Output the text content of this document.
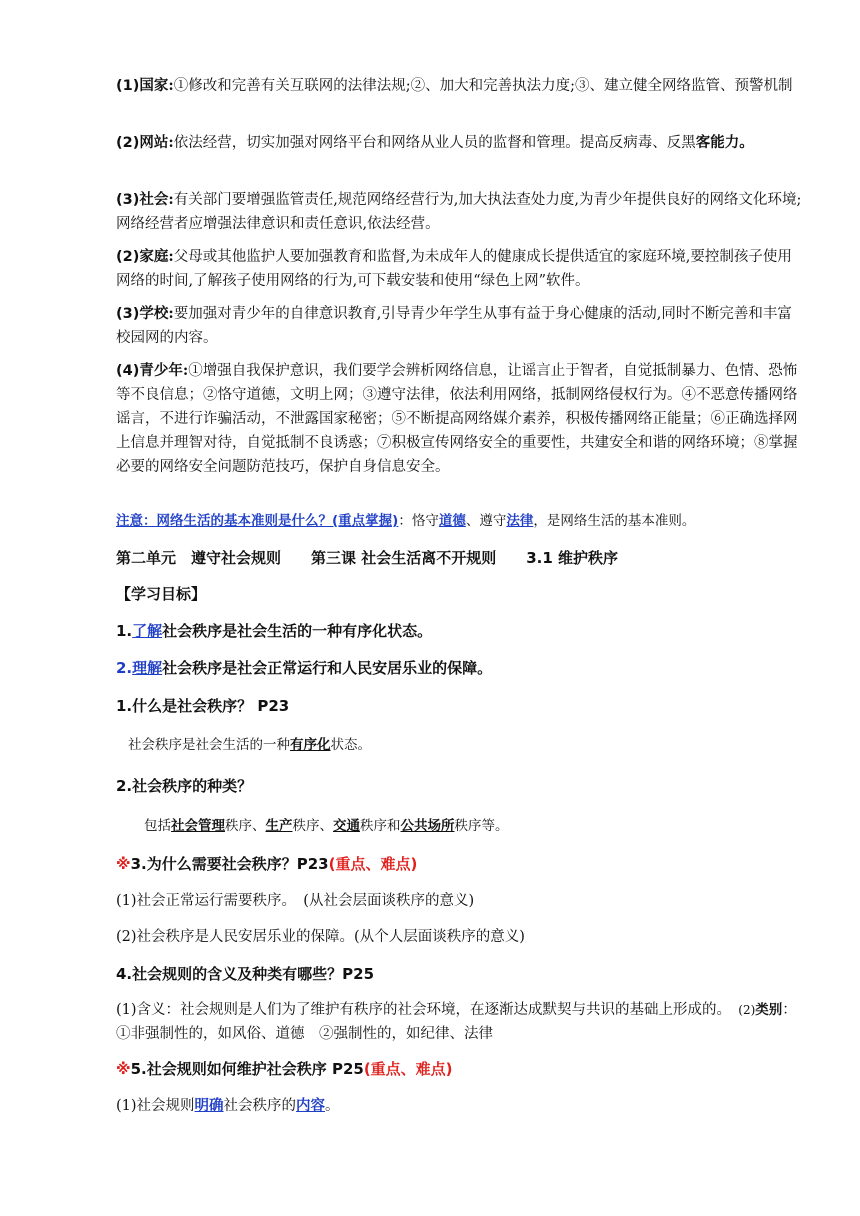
(1)国家:①修改和完善有关互联网的法律法规;②、加大和完善执法力度;③、建立健全网络监管、预警机制

(2)网站:依法经营，切实加强对网络平台和网络从业人员的监督和管理。提高反病毒、反黑客能力。

(3)社会:有关部门要增强监管责任,规范网络经营行为,加大执法查处力度,为青少年提供良好的网络文化环境;网络经营者应增强法律意识和责任意识,依法经营。

(2)家庭:父母或其他监护人要加强教育和监督,为未成年人的健康成长提供适宜的家庭环境,要控制孩子使用网络的时间,了解孩子使用网络的行为,可下载安装和使用“绿色上网”软件。

(3)学校:要加强对青少年的自律意识教育,引导青少年学生从事有益于身心健康的活动,同时不断完善和丰富校园网的内容。

(4)青少年:①增强自我保护意识，我们要学会辨析网络信息，让谣言止于智者，自觉抵制暴力、色情、恐怖等不良信息；②恪守道德，文明上网；③遵守法律，依法利用网络，抵制网络侵权行为。④不恶意传播网络谣言，不进行诈骗活动，不泄露国家秘密；⑤不断提高网络媒介素养，积极传播网络正能量；⑥正确选择网上信息并理智对待，自觉抵制不良诱惑；⑦积极宣传网络安全的重要性，共建安全和谐的网络环境；⑧掌握必要的网络安全问题防范技巧，保护自身信息安全。

注意：网络生活的基本准则是什么？(重点掌握)：恪守道德、遵守法律，是网络生活的基本准则。

第二单元　遵守社会规则　　第三课 社会生活离不开规则　　3.1 维护秩序

【学习目标】

1.了解社会秩序是社会生活的一种有序化状态。

2.理解社会秩序是社会正常运行和人民安居乐业的保障。

1.什么是社会秩序？ P23

社会秩序是社会生活的一种有序化状态。

2.社会秩序的种类？

包括社会管理秩序、生产秩序、交通秩序和公共场所秩序等。

※3.为什么需要社会秩序？P23(重点、难点)

(1)社会正常运行需要秩序。　(从社会层面谈秩序的意义)

(2)社会秩序是人民安居乐业的保障。(从个人层面谈秩序的意义)

4.社会规则的含义及种类有哪些？P25

(1)含义：社会规则是人们为了维护有秩序的社会环境，在逐渐达成默契与共识的基础上形成的。　 (2)类别：①非强制性的，如风俗、道德　②强制性的，如纪律、法律

※5.社会规则如何维护社会秩序 P25(重点、难点)

(1)社会规则明确社会秩序的内容。
